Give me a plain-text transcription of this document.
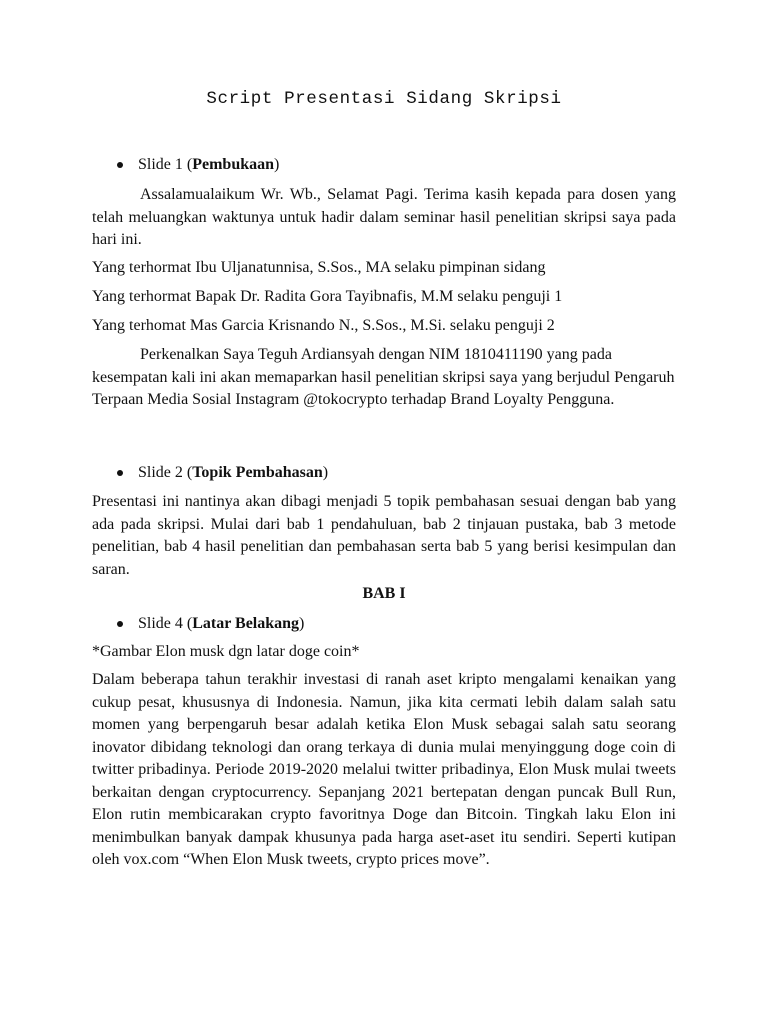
Script Presentasi Sidang Skripsi
Slide 1 (Pembukaan)
Assalamualaikum Wr. Wb., Selamat Pagi. Terima kasih kepada para dosen yang telah meluangkan waktunya untuk hadir dalam seminar hasil penelitian skripsi saya pada hari ini.
Yang terhormat Ibu Uljanatunnisa, S.Sos., MA selaku pimpinan sidang
Yang terhormat Bapak Dr. Radita Gora Tayibnafis, M.M selaku penguji 1
Yang terhomat Mas Garcia Krisnando N., S.Sos., M.Si. selaku penguji 2
Perkenalkan Saya Teguh Ardiansyah dengan NIM 1810411190 yang pada kesempatan kali ini akan memaparkan hasil penelitian skripsi saya yang berjudul Pengaruh Terpaan Media Sosial Instagram @tokocrypto terhadap Brand Loyalty Pengguna.
Slide 2 (Topik Pembahasan)
Presentasi ini nantinya akan dibagi menjadi 5 topik pembahasan sesuai dengan bab yang ada pada skripsi. Mulai dari bab 1 pendahuluan, bab 2 tinjauan pustaka, bab 3 metode penelitian, bab 4 hasil penelitian dan pembahasan serta bab 5 yang berisi kesimpulan dan saran.
BAB I
Slide 4 (Latar Belakang)
*Gambar Elon musk dgn latar doge coin*
Dalam beberapa tahun terakhir investasi di ranah aset kripto mengalami kenaikan yang cukup pesat, khususnya di Indonesia. Namun, jika kita cermati lebih dalam salah satu momen yang berpengaruh besar adalah ketika Elon Musk sebagai salah satu seorang inovator dibidang teknologi dan orang terkaya di dunia mulai menyinggung doge coin di twitter pribadinya. Periode 2019-2020 melalui twitter pribadinya, Elon Musk mulai tweets berkaitan dengan cryptocurrency. Sepanjang 2021 bertepatan dengan puncak Bull Run, Elon rutin membicarakan crypto favoritnya Doge dan Bitcoin. Tingkah laku Elon ini menimbulkan banyak dampak khusunya pada harga aset-aset itu sendiri. Seperti kutipan oleh vox.com “When Elon Musk tweets, crypto prices move”.
